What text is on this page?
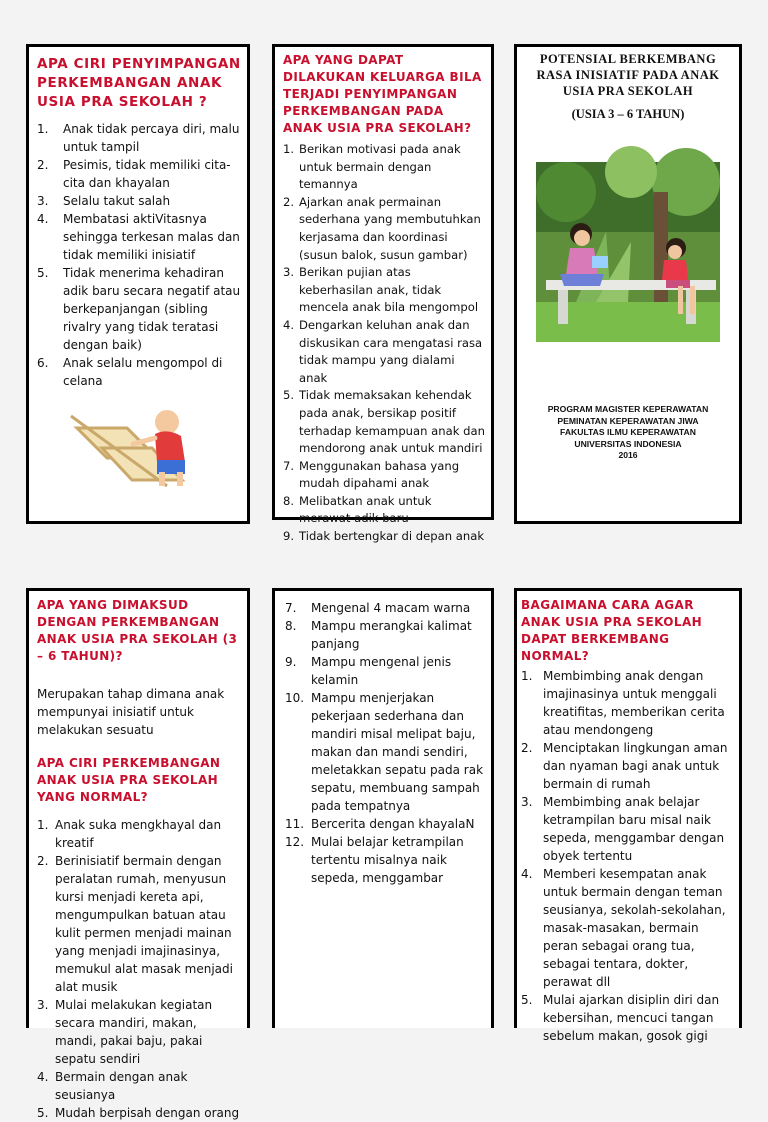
APA CIRI PENYIMPANGAN PERKEMBANGAN ANAK USIA PRA SEKOLAH ?
1. Anak tidak percaya diri, malu untuk tampil
2. Pesimis, tidak memiliki cita-cita dan khayalan
3. Selalu takut salah
4. Membatasi aktiVitasnya sehingga terkesan malas dan tidak memiliki inisiatif
5. Tidak menerima kehadiran adik baru secara negatif atau berkepanjangan (sibling rivalry yang tidak teratasi dengan baik)
6. Anak selalu mengompol di celana
APA YANG DAPAT DILAKUKAN KELUARGA BILA TERJADI PENYIMPANGAN PERKEMBANGAN PADA ANAK USIA PRA SEKOLAH?
1. Berikan motivasi pada anak untuk bermain dengan temannya
2. Ajarkan anak permainan sederhana yang membutuhkan kerjasama dan koordinasi (susun balok, susun gambar)
3. Berikan pujian atas keberhasilan anak, tidak mencela anak bila mengompol
4. Dengarkan keluhan anak dan diskusikan cara mengatasi rasa tidak mampu yang dialami anak
5. Tidak memaksakan kehendak pada anak, bersikap positif terhadap kemampuan anak dan mendorong anak untuk mandiri
7. Menggunakan bahasa yang mudah dipahami anak
8. Melibatkan anak untuk merawat adik baru
9. Tidak bertengkar di depan anak
POTENSIAL BERKEMBANG RASA INISIATIF PADA ANAK USIA PRA SEKOLAH
(USIA 3 – 6 TAHUN)
PROGRAM MAGISTER KEPERAWATAN
PEMINATAN KEPERAWATAN JIWA
FAKULTAS ILMU KEPERAWATAN
UNIVERSITAS INDONESIA
2016
APA YANG DIMAKSUD DENGAN PERKEMBANGAN ANAK USIA PRA SEKOLAH (3 – 6 TAHUN)?
Merupakan tahap dimana anak mempunyai inisiatif untuk melakukan sesuatu
APA CIRI PERKEMBANGAN ANAK USIA PRA SEKOLAH YANG NORMAL?
1. Anak suka mengkhayal dan kreatif
2. Berinisiatif bermain dengan peralatan rumah, menyusun kursi menjadi kereta api, mengumpulkan batuan atau kulit permen menjadi mainan yang menjadi imajinasinya, memukul alat masak menjadi alat musik
3. Mulai melakukan kegiatan secara mandiri, makan, mandi, pakai baju, pakai sepatu sendiri
4. Bermain dengan anak seusianya
5. Mudah berpisah dengan orang
7. Mengenal 4 macam warna
8. Mampu merangkai kalimat panjang
9. Mampu mengenal jenis kelamin
10. Mampu menjerjakan pekerjaan sederhana dan mandiri misal melipat baju, makan dan mandi sendiri, meletakkan sepatu pada rak sepatu, membuang sampah pada tempatnya
11. Bercerita dengan khayalaN
12. Mulai belajar ketrampilan tertentu misalnya naik sepeda, menggambar
BAGAIMANA CARA AGAR ANAK USIA PRA SEKOLAH DAPAT BERKEMBANG NORMAL?
1. Membimbing anak dengan imajinasinya untuk menggali kreatifitas, memberikan cerita atau mendongeng
2. Menciptakan lingkungan aman dan nyaman bagi anak untuk bermain di rumah
3. Membimbing anak belajar ketrampilan baru misal naik sepeda, menggambar dengan obyek tertentu
4. Memberi kesempatan anak untuk bermain dengan teman seusianya, sekolah-sekolahan, masak-masakan, bermain peran sebagai orang tua, sebagai tentara, dokter, perawat dll
5. Mulai ajarkan disiplin diri dan kebersihan, mencuci tangan sebelum makan, gosok gigi
